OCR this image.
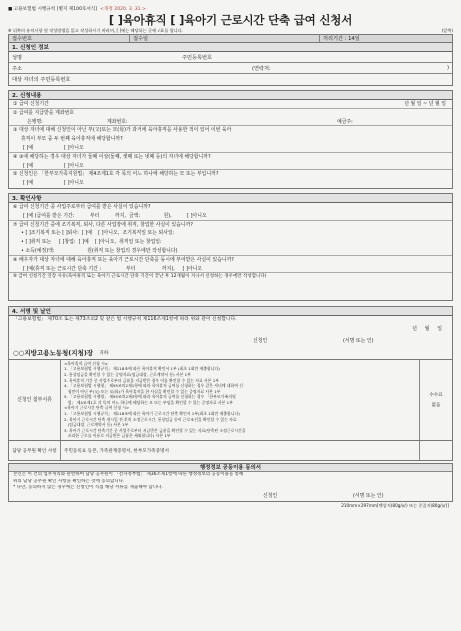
■ 고용보험법 시행규칙 [별지 제100호서식] <개정 2020. 3. 31.>
[ ]육아휴직 [ ]육아기 근로시간 단축 급여 신청서
※ 뒤쪽의 유의사항 및 작성방법을 읽고 작성하시기 바라며, [ ]에는 해당되는 곳에 √표를 합니다.	(앞쪽)
접수번호	접수일	처리기간 : 14일
1. 신청인 정보
성명	주민등록번호
주소	(연락처:	)
대상 자녀의 주민등록번호
2. 신청내용
① 급여 신청기간	년 월 일 ~ 년 월 일
② 급여를 지급받을 계좌번호
은행명:	계좌번호:	예금주:
③ 대상 자녀에 대해 신청인이 아닌 부(父)또는 모(母)가 과거에 육아휴직을 사용한 적이 있어 이번 육아
휴직이 부모 중 두 번째 육아휴직에 해당합니까?
[ ]예                    [ ]아니오
④ ③에 해당하는 경우 대상 자녀가 둘째 이상(둘째, 셋째 또는 넷째 등)의 자녀에 해당합니까?
[ ]예                    [ ]아니오
⑤ 신청인은 「한부모가족지원법」 제4조제1호 각 목의 어느 하나에 해당하는 모 또는 부입니까?
[ ]예                    [ ]아니오
3. 확인사항
⑥ 급여 신청기간 중 사업주로부터 급여를 받은 사실이 있습니까?
[ ]예 (급여를 받은 기간:          부터          까지,  금액:               원),          [ ]아니오
⑦ 급여 신청기간 중에 조기복직, 퇴사, 다른 사업장에 취직, 창업한 사실이 있습니까?
• [ ]조기복직 또는 [ ]퇴사:  [ ]예    [ ]아니오,  조기복직일 또는 퇴사일:
• [ ]취직 또는     [ ]창업:  [ ]예    [ ]아니오,  취직일 또는 창업일:
• 소득(예정)액:                     원(취직 또는 창업의 경우에만 작성합니다)
⑧ 배우자가 대상 자녀에 대해 육아휴직 또는 육아기 근로시간 단축을 동시에 부여받은 사실이 있습니까?
[ ]예(휴직 또는 근로시간 단축 기간 :                부터                 까지),     [ ]아니오
⑨ 급여 신청기간 연장 사유(육아휴직 또는 육아기 근로시간 단축 기간이 끝난 후 12개월이 지나서 신청하는 경우에만 작성합니다)
4. 서명 및 날인
「고용보험법」 제70조 또는 제73조의2 및 같은 법 시행규칙 제116조제1항에 따라 위와 같이 신청합니다.
년     월     일
신청인	(서명 또는 인)
○○지방고용노동청(지청)장 귀하
신청인 첨부서류
<육아휴직 급여 신청 시>
1. 「고용보험법 시행규칙」 제118조에 따른 육아휴직 확인서 1부 (최초 1회만 제출합니다)
2. 통상임금을 확인할 수 있는 증명자료(임금대장, 근로계약서 등) 사본 1부
3. 육아휴직 기간 중 사업주로부터 금품을 지급받은 경우 이를 확인할 수 있는 자료 사본 1부
4. 「고용보험법 시행령」 제95조의2제1항에 따라 육아휴직 급여를 신청하는 경우 같은 자녀에 대하여 신
청인이 아닌 부(父) 또는 모(母)가 육아휴직을 한 사실을 확인할 수 있는 증명자료 사본 1부
5. 「고용보험법 시행령」 제95조의2제3항에 따라 육아휴직 급여를 신청하는 경우 「한부모가족지원
법」 제4조제1호 각 목의 어느 하나에 해당하는 모 또는 부임을 확인할 수 있는 증명자료 사본 1부
<육아기 근로시간 단축 급여 신청 시>
1. 「고용보험법 시행규칙」 제118조에 따른 육아기 근로시간 단축 확인서 1부(최초 1회만 제출합니다)
2. 육아기 근로시간 단축 개시일 전·후의 소정근로시간, 통상임금 등이 근로조건을 확인할 수 있는 자료
(임금대장, 근로계약서 등) 사본 1부
3. 육아기 근로시간 단축기간 중 사업주로부터 지급받은 금품을 확인할 수 있는 자료(단축된 소정근로시간을
초과한 근로를 이유로 지급받은 금품은 제외합니다) 사본 1부
수수료
없음
담당 공무원 확인 사항	주민등록표 등본, 가족관계증명서, 한부모가족증명서
행정정보 공동이용 동의서
본인은 이 건의 업무처리와 관련하여 담당 공무원이 「전자정부법」 제36조제1항에 따른 행정정보의 공동이용을 통해
위의 담당 공무원 확인 사항을 확인하는 것에 동의합니다.
* 다만, 동의하지 않는 경우에는 신청인이 직접 해당 서류를 제출해야 합니다.
신청인	(서명 또는 인)
210mm×297mm[백상지(80g/㎡) 또는 중질지(80g/㎡)]
